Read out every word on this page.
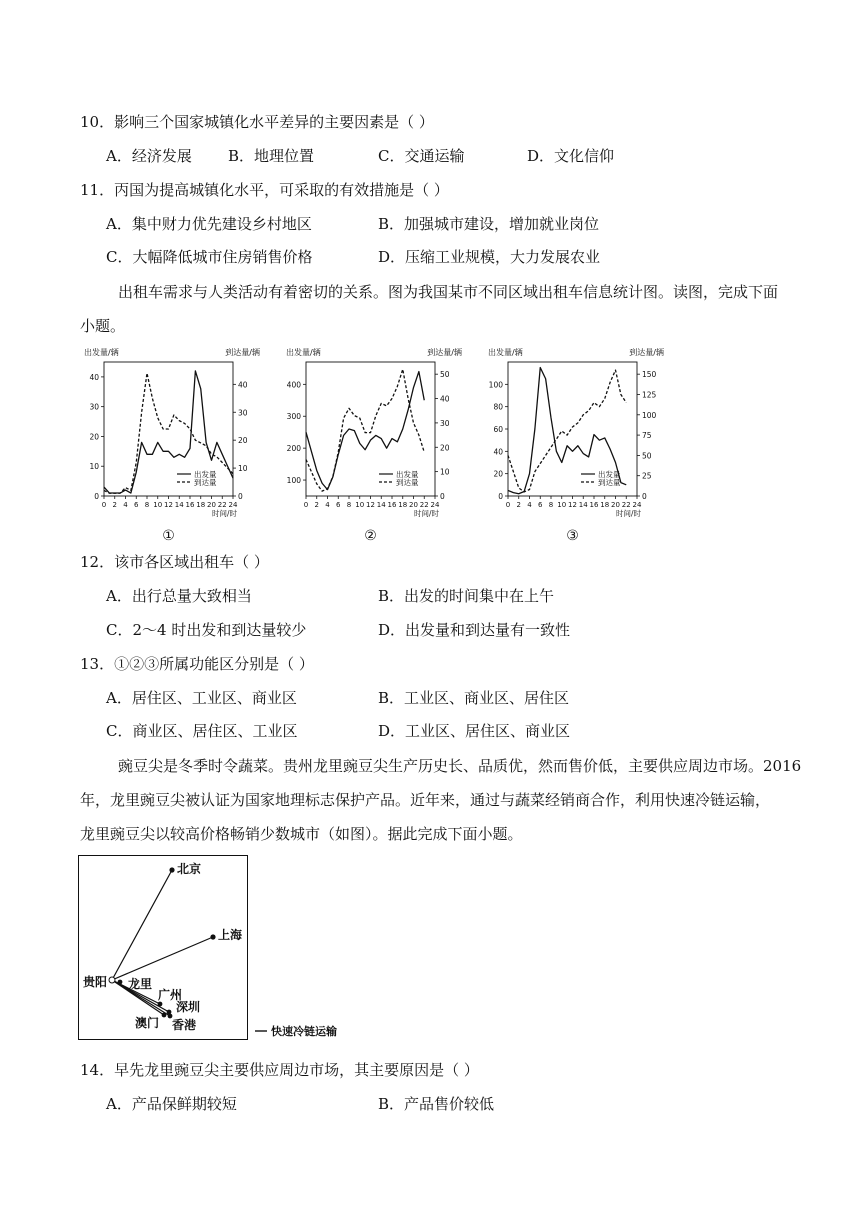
10．影响三个国家城镇化水平差异的主要因素是（ ）
A．经济发展 B．地理位置	C．交通运输	D．文化信仰
11．丙国为提高城镇化水平，可采取的有效措施是（ ）
A．集中财力优先建设乡村地区	B．加强城市建设，增加就业岗位
C．大幅降低城市住房销售价格	D．压缩工业规模，大力发展农业
出租车需求与人类活动有着密切的关系。图为我国某市不同区域出租车信息统计图。读图，完成下面
小题。
出发量/辆	到达量/辆
0
10
20
30
40
0
10
20
30
40
0 2 4 6 8 10 12 14 16 18 20 22 24
时间/时
出发量
到达量
①
出发量/辆	到达量/辆
100
200
300
400
0
10
20
30
40
50
0 2 4 6 8 10 12 14 16 18 20 22 24
时间/时
出发量
到达量
②
出发量/辆	到达量/辆
0
20
40
60
80
100
0
25
50
75
100
125
150
0 2 4 6 8 10 12 14 16 18 20 22 24
时间/时
出发量
到达量
③
12．该市各区域出租车（ ）
A．出行总量大致相当	B．出发的时间集中在上午
C．2～4 时出发和到达量较少	D．出发量和到达量有一致性
13．①②③所属功能区分别是（ ）
A．居住区、工业区、商业区	B．工业区、商业区、居住区
C．商业区、居住区、工业区	D．工业区、居住区、商业区
豌豆尖是冬季时令蔬菜。贵州龙里豌豆尖生产历史长、品质优，然而售价低，主要供应周边市场。2016
年，龙里豌豆尖被认证为国家地理标志保护产品。近年来，通过与蔬菜经销商合作，利用快速冷链运输，
龙里豌豆尖以较高价格畅销少数城市（如图）。据此完成下面小题。
北京
上海
贵阳 龙里
广州
深圳
澳门 香港	快速冷链运输
14．早先龙里豌豆尖主要供应周边市场，其主要原因是（ ）
A．产品保鲜期较短	B．产品售价较低
